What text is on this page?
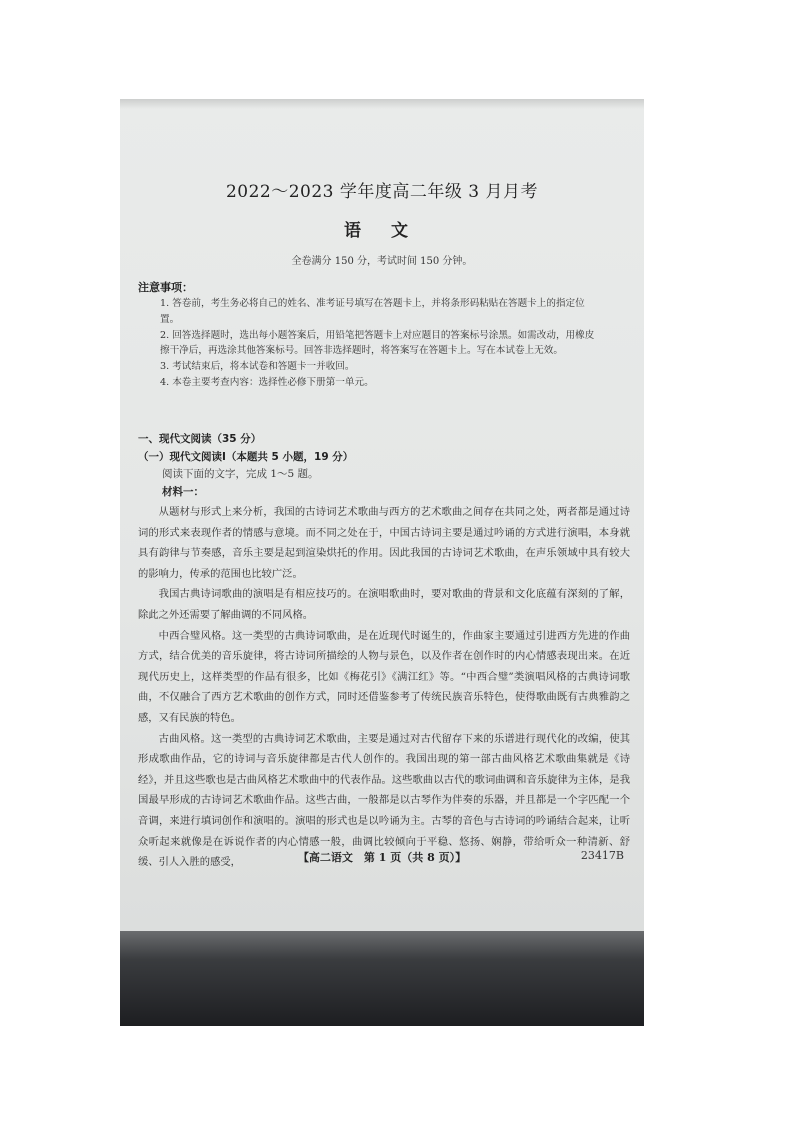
2022～2023 学年度高二年级 3 月月考
语 文
全卷满分 150 分，考试时间 150 分钟。
注意事项：
1. 答卷前，考生务必将自己的姓名、准考证号填写在答题卡上，并将条形码粘贴在答题卡上的指定位置。
2. 回答选择题时，选出每小题答案后，用铅笔把答题卡上对应题目的答案标号涂黑。如需改动，用橡皮擦干净后，再选涂其他答案标号。回答非选择题时，将答案写在答题卡上。写在本试卷上无效。
3. 考试结束后，将本试卷和答题卡一并收回。
4. 本卷主要考查内容：选择性必修下册第一单元。
一、现代文阅读（35 分）
（一）现代文阅读Ⅰ（本题共 5 小题，19 分）
阅读下面的文字，完成 1～5 题。
材料一：

从题材与形式上来分析，我国的古诗词艺术歌曲与西方的艺术歌曲之间存在共同之处，两者都是通过诗词的形式来表现作者的情感与意境。而不同之处在于，中国古诗词主要是通过吟诵的方式进行演唱，本身就具有韵律与节奏感，音乐主要是起到渲染烘托的作用。因此我国的古诗词艺术歌曲，在声乐领域中具有较大的影响力，传承的范围也比较广泛。

我国古典诗词歌曲的演唱是有相应技巧的。在演唱歌曲时，要对歌曲的背景和文化底蕴有深刻的了解，除此之外还需要了解曲调的不同风格。

中西合璧风格。这一类型的古典诗词歌曲，是在近现代时诞生的，作曲家主要通过引进西方先进的作曲方式，结合优美的音乐旋律，将古诗词所描绘的人物与景色，以及作者在创作时的内心情感表现出来。在近现代历史上，这样类型的作品有很多，比如《梅花引》《满江红》等。“中西合璧”类演唱风格的古典诗词歌曲，不仅融合了西方艺术歌曲的创作方式，同时还借鉴参考了传统民族音乐特色，使得歌曲既有古典雅韵之感，又有民族的特色。

古曲风格。这一类型的古典诗词艺术歌曲，主要是通过对古代留存下来的乐谱进行现代化的改编，使其形成歌曲作品，它的诗词与音乐旋律都是古代人创作的。我国出现的第一部古曲风格艺术歌曲集就是《诗经》，并且这些歌也是古曲风格艺术歌曲中的代表作品。这些歌曲以古代的歌词曲调和音乐旋律为主体，是我国最早形成的古诗词艺术歌曲作品。这些古曲，一般都是以古琴作为伴奏的乐器，并且都是一个字匹配一个音调，来进行填词创作和演唱的。演唱的形式也是以吟诵为主。古琴的音色与古诗词的吟诵结合起来，让听众听起来就像是在诉说作者的内心情感一般，曲调比较倾向于平稳、悠扬、娴静，带给听众一种清新、舒缓、引人入胜的感受，	【高二语文　第 1 页（共 8 页）】	23417B
